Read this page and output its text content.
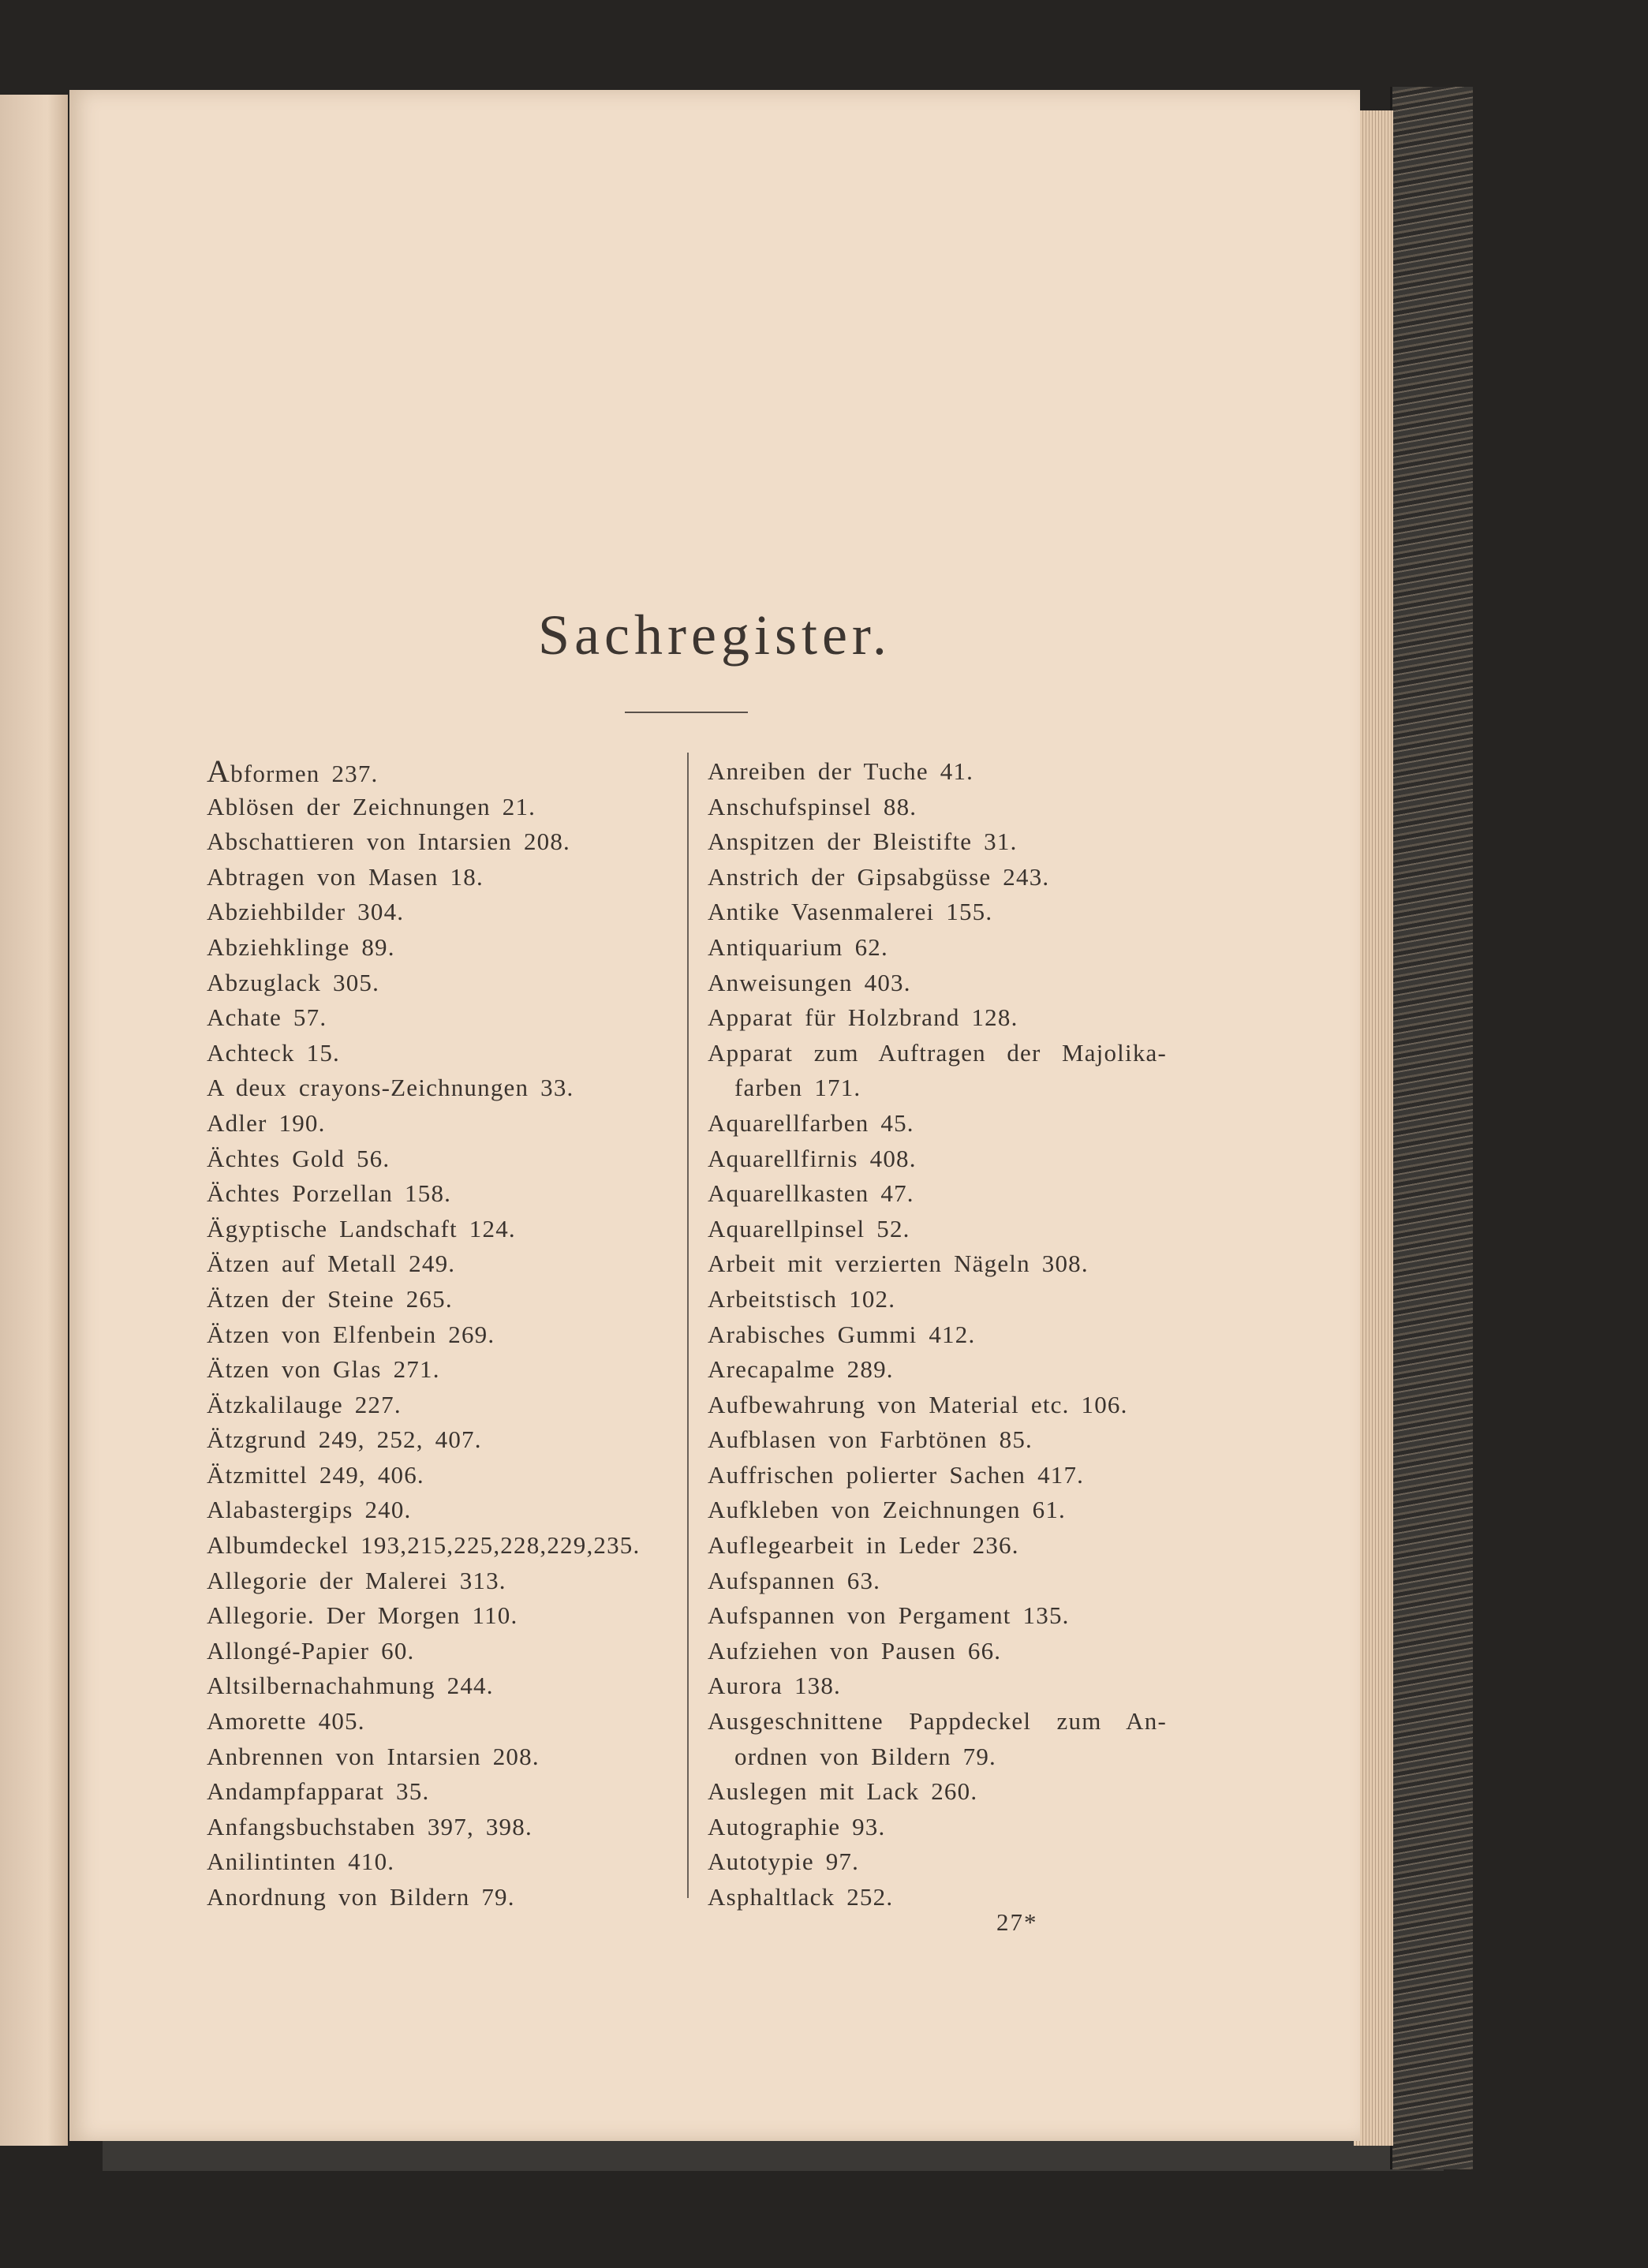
Sachregister.
Abformen 237.
Ablösen der Zeichnungen 21.
Abschattieren von Intarsien 208.
Abtragen von Masen 18.
Abziehbilder 304.
Abziehklinge 89.
Abzuglack 305.
Achate 57.
Achteck 15.
A deux crayons-Zeichnungen 33.
Adler 190.
Ächtes Gold 56.
Ächtes Porzellan 158.
Ägyptische Landschaft 124.
Ätzen auf Metall 249.
Ätzen der Steine 265.
Ätzen von Elfenbein 269.
Ätzen von Glas 271.
Ätzkalilauge 227.
Ätzgrund 249, 252, 407.
Ätzmittel 249, 406.
Alabastergips 240.
Albumdeckel 193,215,225,228,229,235.
Allegorie der Malerei 313.
Allegorie. Der Morgen 110.
Allongé-Papier 60.
Altsilbernachahmung 244.
Amorette 405.
Anbrennen von Intarsien 208.
Andampfapparat 35.
Anfangsbuchstaben 397, 398.
Anilintinten 410.
Anordnung von Bildern 79.
Anreiben der Tuche 41.
Anschufspinsel 88.
Anspitzen der Bleistifte 31.
Anstrich der Gipsabgüsse 243.
Antike Vasenmalerei 155.
Antiquarium 62.
Anweisungen 403.
Apparat für Holzbrand 128.
Apparat zum Auftragen der Majolika-
farben 171.
Aquarellfarben 45.
Aquarellfirnis 408.
Aquarellkasten 47.
Aquarellpinsel 52.
Arbeit mit verzierten Nägeln 308.
Arbeitstisch 102.
Arabisches Gummi 412.
Arecapalme 289.
Aufbewahrung von Material etc. 106.
Aufblasen von Farbtönen 85.
Auffrischen polierter Sachen 417.
Aufkleben von Zeichnungen 61.
Auflegearbeit in Leder 236.
Aufspannen 63.
Aufspannen von Pergament 135.
Aufziehen von Pausen 66.
Aurora 138.
Ausgeschnittene Pappdeckel zum An-
ordnen von Bildern 79.
Auslegen mit Lack 260.
Autographie 93.
Autotypie 97.
Asphaltlack 252.
27*
